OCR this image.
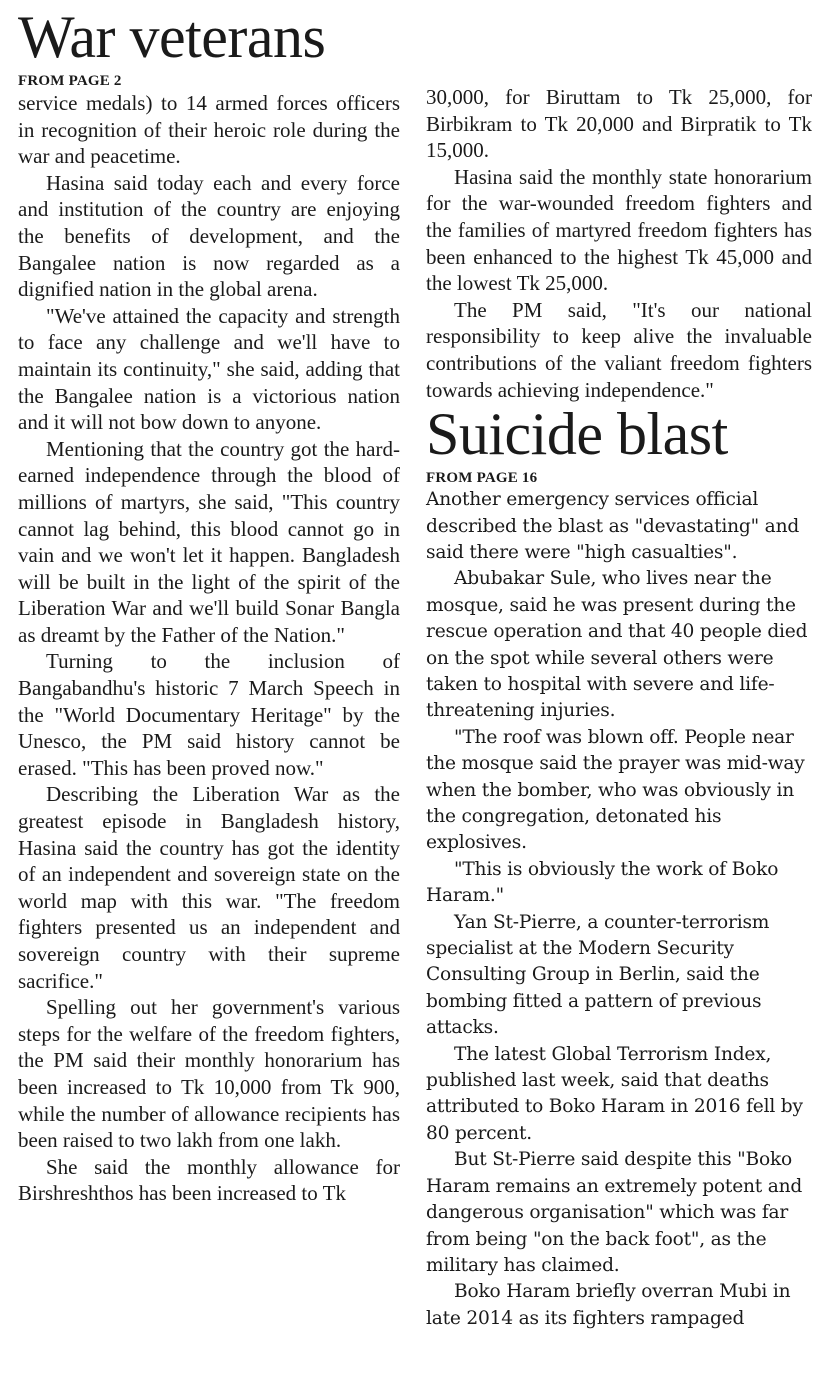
War veterans
FROM PAGE 2

service medals) to 14 armed forces officers in recognition of their heroic role during the war and peacetime.

Hasina said today each and every force and institution of the country are enjoying the benefits of development, and the Bangalee nation is now regarded as a dignified nation in the global arena.

"We've attained the capacity and strength to face any challenge and we'll have to maintain its continuity," she said, adding that the Bangalee nation is a victorious nation and it will not bow down to anyone.

Mentioning that the country got the hard-earned independence through the blood of millions of martyrs, she said, "This country cannot lag behind, this blood cannot go in vain and we won't let it happen. Bangladesh will be built in the light of the spirit of the Liberation War and we'll build Sonar Bangla as dreamt by the Father of the Nation."

Turning to the inclusion of Bangabandhu's historic 7 March Speech in the "World Documentary Heritage" by the Unesco, the PM said history cannot be erased. "This has been proved now."

Describing the Liberation War as the greatest episode in Bangladesh history, Hasina said the country has got the identity of an independent and sovereign state on the world map with this war. "The freedom fighters presented us an independent and sovereign country with their supreme sacrifice."

Spelling out her government's various steps for the welfare of the freedom fighters, the PM said their monthly honorarium has been increased to Tk 10,000 from Tk 900, while the number of allowance recipients has been raised to two lakh from one lakh.

She said the monthly allowance for Birshreshthos has been increased to Tk

30,000, for Biruttam to Tk 25,000, for Birbikram to Tk 20,000 and Birpratik to Tk 15,000.

Hasina said the monthly state honorarium for the war-wounded freedom fighters and the families of martyred freedom fighters has been enhanced to the highest Tk 45,000 and the lowest Tk 25,000.

The PM said, "It's our national responsibility to keep alive the invaluable contributions of the valiant freedom fighters towards achieving independence."

Suicide blast
FROM PAGE 16

Another emergency services official described the blast as "devastating" and said there were "high casualties".

Abubakar Sule, who lives near the mosque, said he was present during the rescue operation and that 40 people died on the spot while several others were taken to hospital with severe and life-threatening injuries.

"The roof was blown off. People near the mosque said the prayer was mid-way when the bomber, who was obviously in the congregation, detonated his explosives.

"This is obviously the work of Boko Haram."

Yan St-Pierre, a counter-terrorism specialist at the Modern Security Consulting Group in Berlin, said the bombing fitted a pattern of previous attacks.

The latest Global Terrorism Index, published last week, said that deaths attributed to Boko Haram in 2016 fell by 80 percent.

But St-Pierre said despite this "Boko Haram remains an extremely potent and dangerous organisation" which was far from being "on the back foot", as the military has claimed.

Boko Haram briefly overran Mubi in late 2014 as its fighters rampaged
